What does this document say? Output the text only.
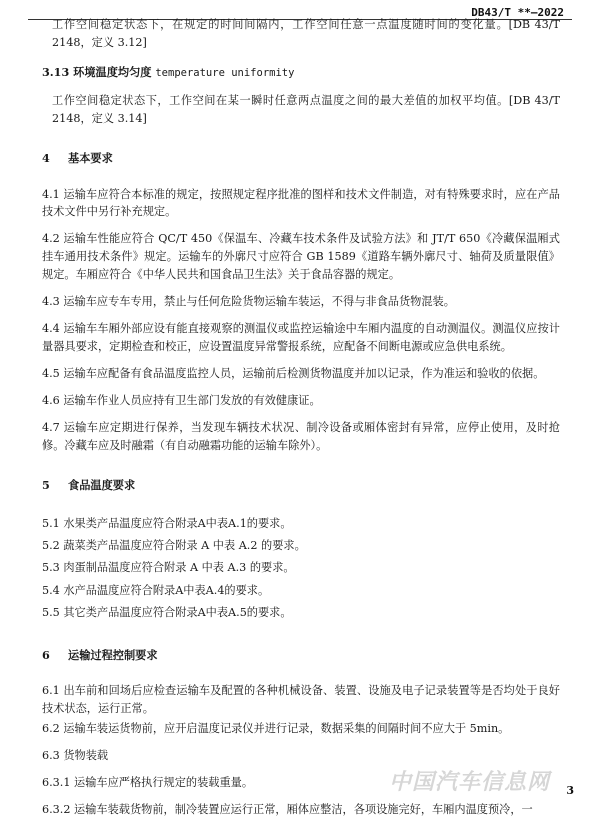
DB43/T **—2022

工作空间稳定状态下，在规定的时间间隔内，工作空间任意一点温度随时间的变化量。[DB 43/T 2148，定义 3.12]

3.13 环境温度均匀度 temperature uniformity

工作空间稳定状态下，工作空间在某一瞬时任意两点温度之间的最大差值的加权平均值。[DB 43/T 2148，定义 3.14]

4 基本要求

4.1 运输车应符合本标准的规定，按照规定程序批准的图样和技术文件制造，对有特殊要求时，应在产品技术文件中另行补充规定。

4.2 运输车性能应符合 QC/T 450《保温车、冷藏车技术条件及试验方法》和 JT/T 650《冷藏保温厢式挂车通用技术条件》规定。运输车的外廓尺寸应符合 GB 1589《道路车辆外廓尺寸、轴荷及质量限值》规定。车厢应符合《中华人民共和国食品卫生法》关于食品容器的规定。

4.3 运输车应专车专用，禁止与任何危险货物运输车装运，不得与非食品货物混装。

4.4 运输车车厢外部应设有能直接观察的测温仪或监控运输途中车厢内温度的自动测温仪。测温仪应按计量器具要求，定期检查和校正，应设置温度异常警报系统，应配备不间断电源或应急供电系统。

4.5 运输车应配备有食品温度监控人员，运输前后检测货物温度并加以记录，作为准运和验收的依据。

4.6 运输车作业人员应持有卫生部门发放的有效健康证。

4.7 运输车应定期进行保养，当发现车辆技术状况、制冷设备或厢体密封有异常，应停止使用，及时抢修。冷藏车应及时融霜（有自动融霜功能的运输车除外）。

5 食品温度要求

5.1 水果类产品温度应符合附录A中表A.1的要求。

5.2 蔬菜类产品温度应符合附录 A 中表 A.2 的要求。

5.3 肉蛋制品温度应符合附录 A 中表 A.3 的要求。

5.4 水产品温度应符合附录A中表A.4的要求。

5.5 其它类产品温度应符合附录A中表A.5的要求。

6 运输过程控制要求

6.1 出车前和回场后应检查运输车及配置的各种机械设备、装置、设施及电子记录装置等是否均处于良好技术状态，运行正常。

6.2 运输车装运货物前，应开启温度记录仪并进行记录，数据采集的间隔时间不应大于 5min。

6.3 货物装载

6.3.1 运输车应严格执行规定的装载重量。

6.3.2 运输车装载货物前，制冷装置应运行正常，厢体应整洁，各项设施完好，车厢内温度预冷，一

中国汽车信息网 3
